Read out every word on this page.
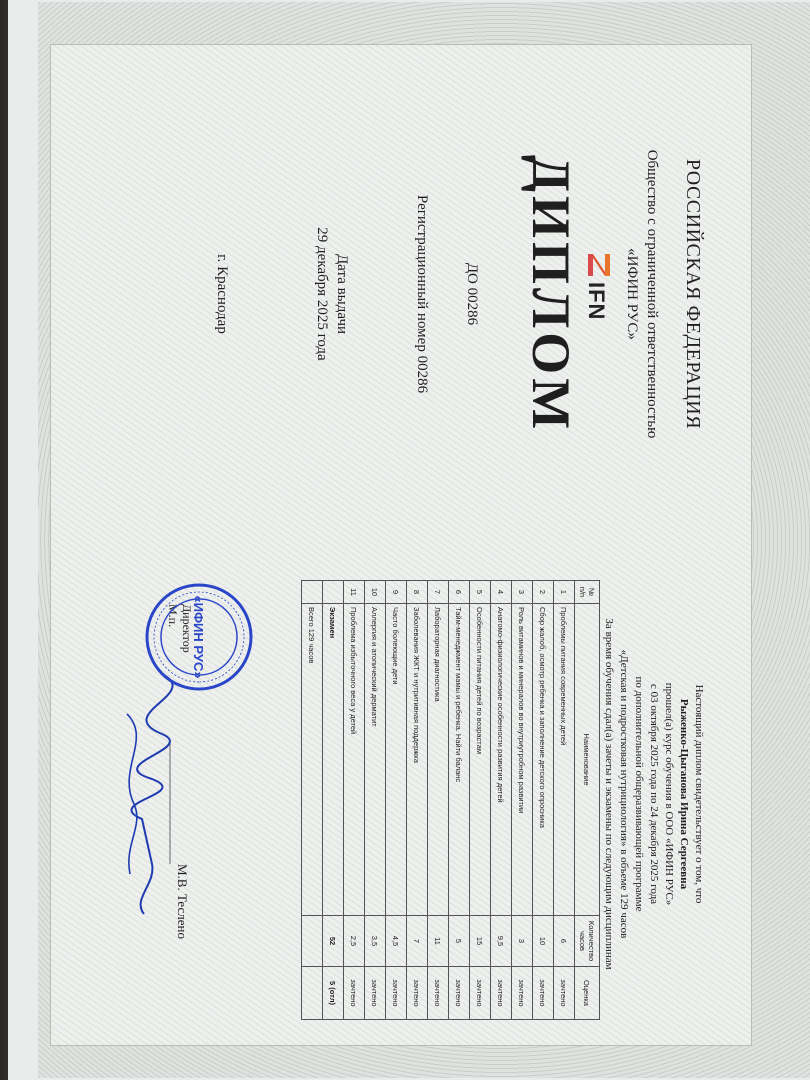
РОССИЙСКАЯ ФЕДЕРАЦИЯ
Общество с ограниченной ответственностью
«ИФИН РУС»
IFN
ДИПЛОМ
ДО 00286
Регистрационный номер 00286
Дата выдачи
29 декабря 2025 года
г. Краснодар
Настоящий диплом свидетельствует о том, что
Рыженко-Цыганова Ирина Сергеевна
прошел(а) курс обучения в ООО «ИФИН РУС»
с 03 октября 2025 года по 24 декабря 2025 года
по дополнительной общеразвивающей программе
«Детская и подростковая нутрициология» в объеме 129 часов
За время обучения сдал(а) зачеты и экзамены по следующим дисциплинам
№ п/п	Наименование	Количество часов	Оценка
1	Проблемы питания современных детей	6	зачтено
2	Сбор жалоб, осмотр ребенка и заполнение детского опросника	10	зачтено
3	Роль витаминов и минералов во внутриутробном развитии	3	зачтено
4	Анатомо-физиологические особенности развития детей	9,5	зачтено
5	Особенности питания детей по возрастам	15	зачтено
6	Тайм-менеджмент мамы и ребенка. Найти баланс	5	зачтено
7	Лабораторная диагностика	11	зачтено
8	Заболевания ЖКТ и нутритивная поддержка	7	зачтено
9	Часто болеющие дети	4,5	зачтено
10	Аллергия и атопический дерматит	3,5	зачтено
11	Проблема избыточного веса у детей	2,5	зачтено
	Экзамен	52	5 (отл)
	Всего 129 часов		
Директор
М.п.
М.В. Теслено
«ИФИН РУС»
